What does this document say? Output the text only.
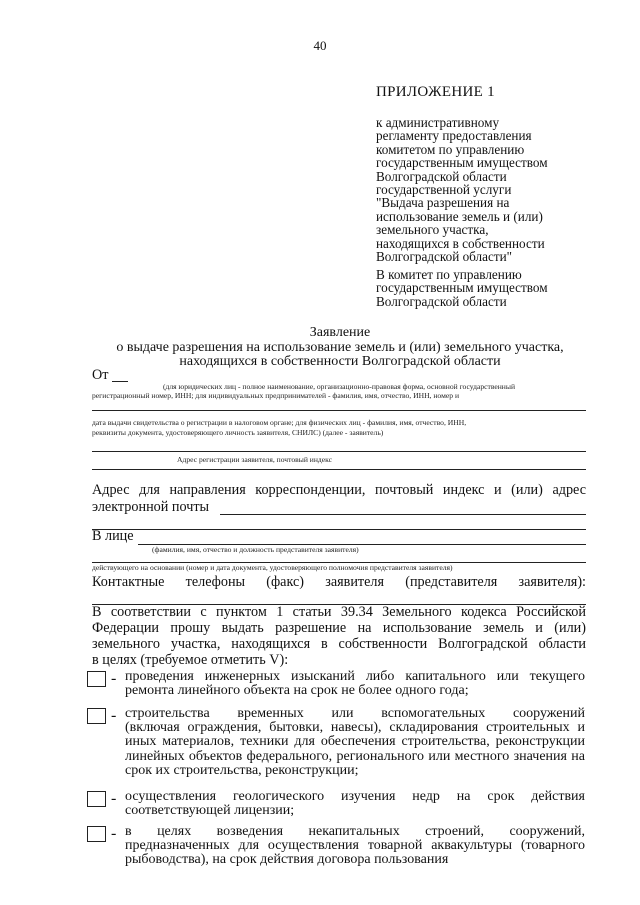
40
ПРИЛОЖЕНИЕ 1
к административному
регламенту предоставления
комитетом по управлению
государственным имуществом
Волгоградской области
государственной услуги
"Выдача разрешения на
использование земель и (или)
земельного участка,
находящихся в собственности
Волгоградской области"
В комитет по управлению
государственным имуществом
Волгоградской области
Заявление
о выдаче разрешения на использование земель и (или) земельного участка,
находящихся в собственности Волгоградской области
От
(для юридических лиц - полное наименование, организационно-правовая форма, основной государственный
регистрационный номер, ИНН; для индивидуальных предпринимателей - фамилия, имя, отчество, ИНН, номер и
дата выдачи свидетельства о регистрации в налоговом органе; для физических лиц - фамилия, имя, отчество, ИНН,
реквизиты документа, удостоверяющего личность заявителя, СНИЛС) (далее - заявитель)
Адрес регистрации заявителя, почтовый индекс
Адрес для направления корреспонденции, почтовый индекс и (или) адрес
электронной почты
В лице
(фамилия, имя, отчество и должность представителя заявителя)
действующего на основании (номер и дата документа, удостоверяющего полномочия представителя заявителя)
Контактные телефоны (факс) заявителя (представителя заявителя):
В соответствии с пунктом 1 статьи 39.34 Земельного кодекса Российской
Федерации прошу выдать разрешение на использование земель и (или)
земельного участка, находящихся в собственности Волгоградской области
в целях (требуемое отметить V):
- проведения инженерных изысканий либо капитального или текущего
ремонта линейного объекта на срок не более одного года;
- строительства временных или вспомогательных сооружений
(включая ограждения, бытовки, навесы), складирования строительных и иных материалов, техники для обеспечения строительства, реконструкции линейных объектов федерального, регионального или местного значения на срок их строительства, реконструкции;
- осуществления геологического изучения недр на срок действия
соответствующей лицензии;
- в целях возведения некапитальных строений, сооружений,
предназначенных для осуществления товарной аквакультуры (товарного рыбоводства), на срок действия договора пользования
